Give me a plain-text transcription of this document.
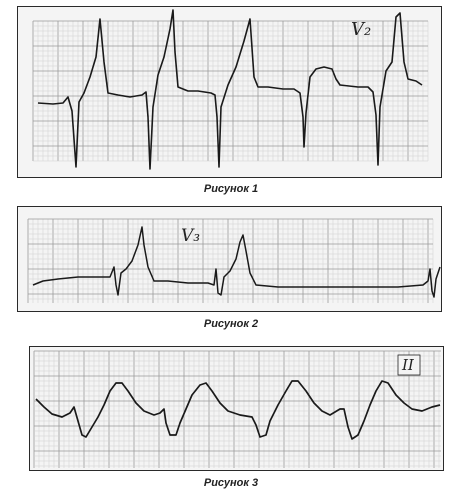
V₂
Рисунок 1
V₃
Рисунок 2
II
Рисунок 3
